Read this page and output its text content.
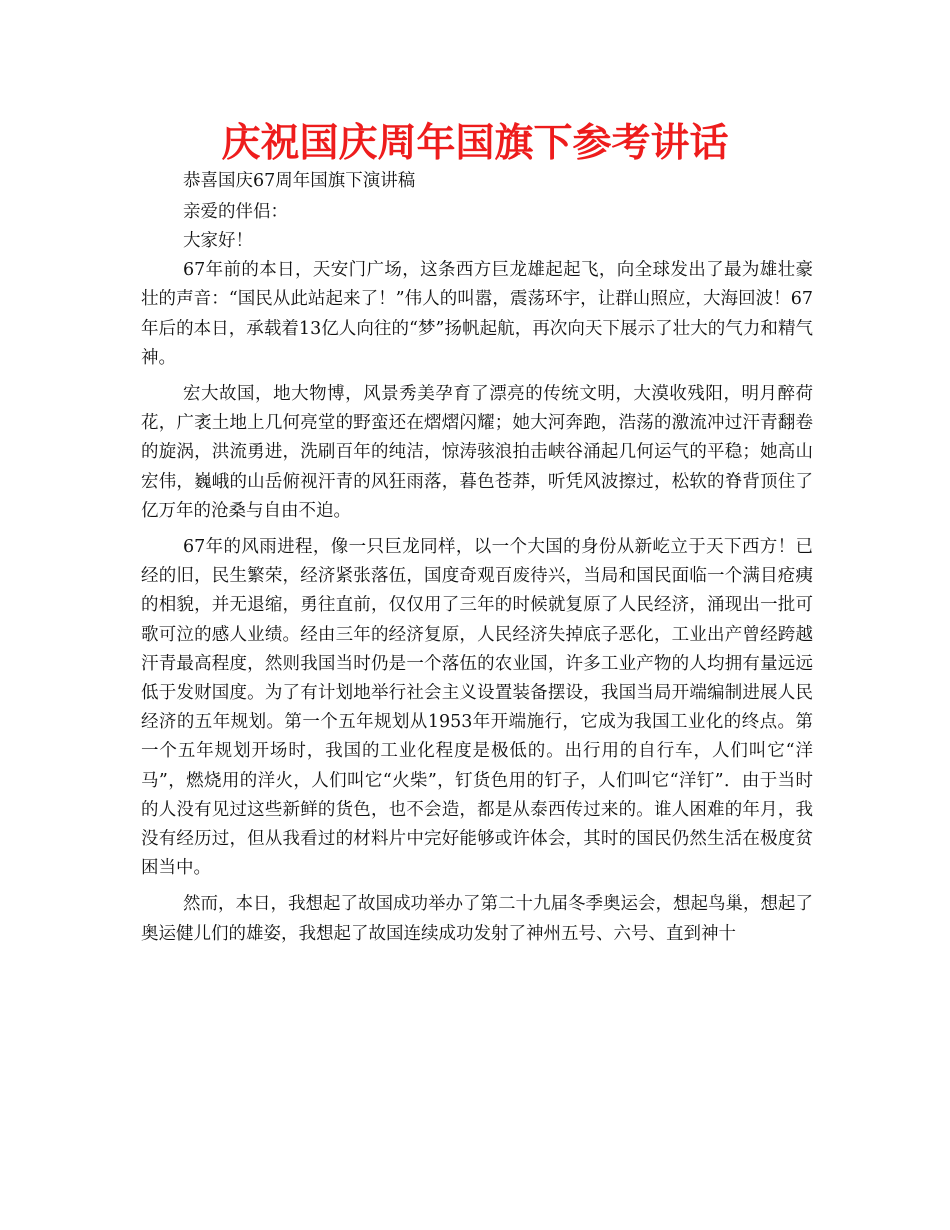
庆祝国庆周年国旗下参考讲话

恭喜国庆67周年国旗下演讲稿

亲爱的伴侣：

大家好！

67年前的本日，天安门广场，这条西方巨龙雄起起飞，向全球发出了最为雄壮豪壮的声音：“国民从此站起来了！”伟人的叫嚣，震荡环宇，让群山照应，大海回波！67年后的本日，承载着13亿人向往的“梦”扬帆起航，再次向天下展示了壮大的气力和精气神。

宏大故国，地大物博，风景秀美孕育了漂亮的传统文明，大漠收残阳，明月醉荷花，广袤土地上几何亮堂的野蛮还在熠熠闪耀；她大河奔跑，浩荡的激流冲过汗青翻卷的旋涡，洪流勇进，洗刷百年的纯洁，惊涛骇浪拍击峡谷涌起几何运气的平稳；她高山宏伟，巍峨的山岳俯视汗青的风狂雨落，暮色苍莽，听凭风波擦过，松软的脊背顶住了亿万年的沧桑与自由不迫。

67年的风雨进程，像一只巨龙同样，以一个大国的身份从新屹立于天下西方！已经的旧，民生繁荣，经济紧张落伍，国度奇观百废待兴，当局和国民面临一个满目疮痍的相貌，并无退缩，勇往直前，仅仅用了三年的时候就复原了人民经济，涌现出一批可歌可泣的感人业绩。经由三年的经济复原，人民经济失掉底子恶化，工业出产曾经跨越汗青最高程度，然则我国当时仍是一个落伍的农业国，许多工业产物的人均拥有量远远低于发财国度。为了有计划地举行社会主义设置装备摆设，我国当局开端编制进展人民经济的五年规划。第一个五年规划从1953年开端施行，它成为我国工业化的终点。第一个五年规划开场时，我国的工业化程度是极低的。出行用的自行车，人们叫它“洋马”，燃烧用的洋火，人们叫它“火柴”，钉货色用的钉子，人们叫它“洋钉”．由于当时的人没有见过这些新鲜的货色，也不会造，都是从泰西传过来的。谁人困难的年月，我没有经历过，但从我看过的材料片中完好能够或许体会，其时的国民仍然生活在极度贫困当中。

然而，本日，我想起了故国成功举办了第二十九届冬季奥运会，想起鸟巢，想起了奥运健儿们的雄姿，我想起了故国连续成功发射了神州五号、六号、直到神十
